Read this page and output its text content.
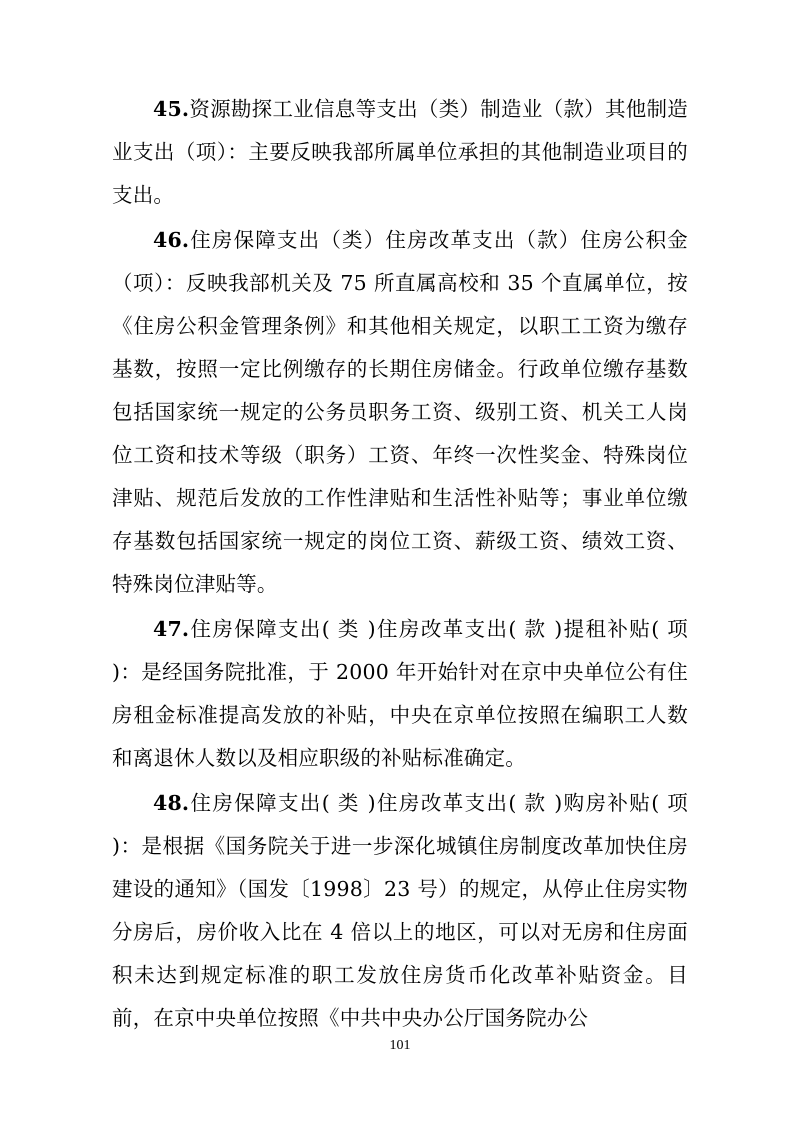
45.资源勘探工业信息等支出（类）制造业（款）其他制造业支出（项）：主要反映我部所属单位承担的其他制造业项目的支出。

46.住房保障支出（类）住房改革支出（款）住房公积金（项）：反映我部机关及 75 所直属高校和 35 个直属单位，按《住房公积金管理条例》和其他相关规定，以职工工资为缴存基数，按照一定比例缴存的长期住房储金。行政单位缴存基数包括国家统一规定的公务员职务工资、级别工资、机关工人岗位工资和技术等级（职务）工资、年终一次性奖金、特殊岗位津贴、规范后发放的工作性津贴和生活性补贴等；事业单位缴存基数包括国家统一规定的岗位工资、薪级工资、绩效工资、特殊岗位津贴等。

47.住房保障支出( 类 )住房改革支出( 款 )提租补贴( 项 )：是经国务院批准，于 2000 年开始针对在京中央单位公有住房租金标准提高发放的补贴，中央在京单位按照在编职工人数和离退休人数以及相应职级的补贴标准确定。

48.住房保障支出( 类 )住房改革支出( 款 )购房补贴( 项 )：是根据《国务院关于进一步深化城镇住房制度改革加快住房建设的通知》（国发〔1998〕23 号）的规定，从停止住房实物分房后，房价收入比在 4 倍以上的地区，可以对无房和住房面积未达到规定标准的职工发放住房货币化改革补贴资金。目前，在京中央单位按照《中共中央办公厅国务院办公

101
